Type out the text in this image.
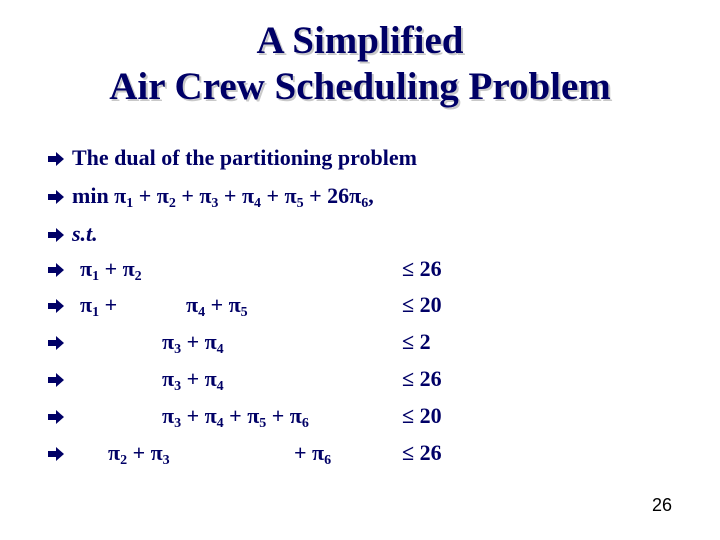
A Simplified
Air Crew Scheduling Problem
The dual of the partitioning problem
$\min \pi_1 + \pi_2 + \pi_3 + \pi_4 + \pi_5 + 26\pi_6$,
s.t.
$\pi_1 + \pi_2$	≤ 26
$\pi_1$ +	$\pi_4 + \pi_5$	≤ 20
$\pi_3 + \pi_4$	≤ 2
$\pi_3 + \pi_4$	≤ 26
$\pi_3 + \pi_4 + \pi_5 + \pi_6$	≤ 20
$\pi_2 + \pi_3$	+ $\pi_6$	≤ 26
26
